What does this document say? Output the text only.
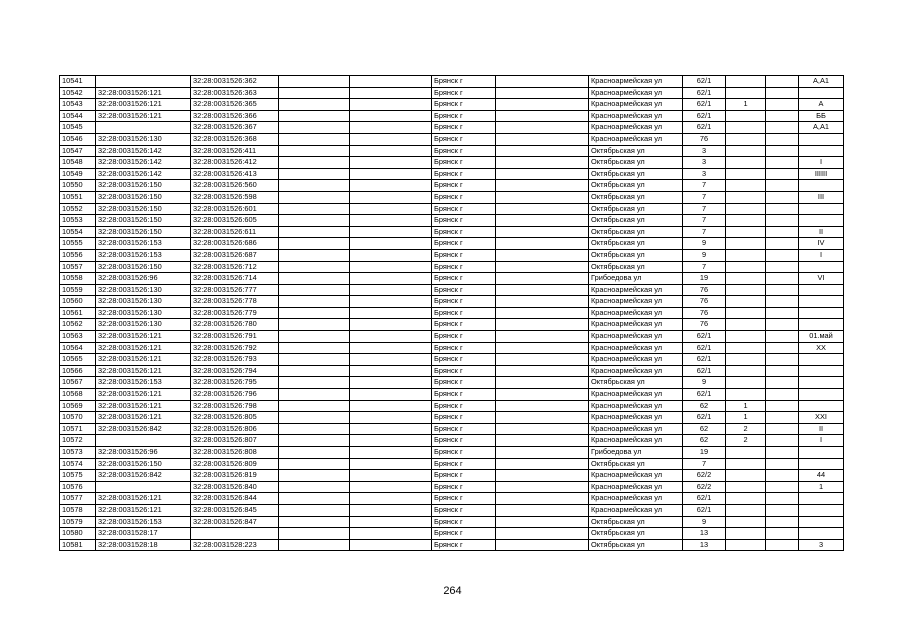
10541		32:28:0031526:362			Брянск г		Красноармейская ул	62/1			А,А1
10542	32:28:0031526:121	32:28:0031526:363			Брянск г		Красноармейская ул	62/1			
10543	32:28:0031526:121	32:28:0031526:365			Брянск г		Красноармейская ул	62/1	1		А
10544	32:28:0031526:121	32:28:0031526:366			Брянск г		Красноармейская ул	62/1			ББ
10545		32:28:0031526:367			Брянск г		Красноармейская ул	62/1			А,А1
10546	32:28:0031526:130	32:28:0031526:368			Брянск г		Красноармейская ул	76			
10547	32:28:0031526:142	32:28:0031526:411			Брянск г		Октябрьская ул	3			
10548	32:28:0031526:142	32:28:0031526:412			Брянск г		Октябрьская ул	3			I
10549	32:28:0031526:142	32:28:0031526:413			Брянск г		Октябрьская ул	3			IIIIII
10550	32:28:0031526:150	32:28:0031526:560			Брянск г		Октябрьская ул	7			
10551	32:28:0031526:150	32:28:0031526:598			Брянск г		Октябрьская ул	7			III
10552	32:28:0031526:150	32:28:0031526:601			Брянск г		Октябрьская ул	7			
10553	32:28:0031526:150	32:28:0031526:605			Брянск г		Октябрьская ул	7			
10554	32:28:0031526:150	32:28:0031526:611			Брянск г		Октябрьская ул	7			II
10555	32:28:0031526:153	32:28:0031526:686			Брянск г		Октябрьская ул	9			IV
10556	32:28:0031526:153	32:28:0031526:687			Брянск г		Октябрьская ул	9			I
10557	32:28:0031526:150	32:28:0031526:712			Брянск г		Октябрьская ул	7			
10558	32:28:0031526:96	32:28:0031526:714			Брянск г		Грибоедова ул	19			VI
10559	32:28:0031526:130	32:28:0031526:777			Брянск г		Красноармейская ул	76			
10560	32:28:0031526:130	32:28:0031526:778			Брянск г		Красноармейская ул	76			
10561	32:28:0031526:130	32:28:0031526:779			Брянск г		Красноармейская ул	76			
10562	32:28:0031526:130	32:28:0031526:780			Брянск г		Красноармейская ул	76			
10563	32:28:0031526:121	32:28:0031526:791			Брянск г		Красноармейская ул	62/1			01.май
10564	32:28:0031526:121	32:28:0031526:792			Брянск г		Красноармейская ул	62/1			XX
10565	32:28:0031526:121	32:28:0031526:793			Брянск г		Красноармейская ул	62/1			
10566	32:28:0031526:121	32:28:0031526:794			Брянск г		Красноармейская ул	62/1			
10567	32:28:0031526:153	32:28:0031526:795			Брянск г		Октябрьская ул	9			
10568	32:28:0031526:121	32:28:0031526:796			Брянск г		Красноармейская ул	62/1			
10569	32:28:0031526:121	32:28:0031526:798			Брянск г		Красноармейская ул	62	1		
10570	32:28:0031526:121	32:28:0031526:805			Брянск г		Красноармейская ул	62/1	1		XXI
10571	32:28:0031526:842	32:28:0031526:806			Брянск г		Красноармейская ул	62	2		II
10572		32:28:0031526:807			Брянск г		Красноармейская ул	62	2		I
10573	32:28:0031526:96	32:28:0031526:808			Брянск г		Грибоедова ул	19			
10574	32:28:0031526:150	32:28:0031526:809			Брянск г		Октябрьская ул	7			
10575	32:28:0031526:842	32:28:0031526:819			Брянск г		Красноармейская ул	62/2			44
10576		32:28:0031526:840			Брянск г		Красноармейская ул	62/2			1
10577	32:28:0031526:121	32:28:0031526:844			Брянск г		Красноармейская ул	62/1			
10578	32:28:0031526:121	32:28:0031526:845			Брянск г		Красноармейская ул	62/1			
10579	32:28:0031526:153	32:28:0031526:847			Брянск г		Октябрьская ул	9			
10580	32:28:0031528:17				Брянск г		Октябрьская ул	13			
10581	32:28:0031528:18	32:28:0031528:223			Брянск г		Октябрьская ул	13			3
264
